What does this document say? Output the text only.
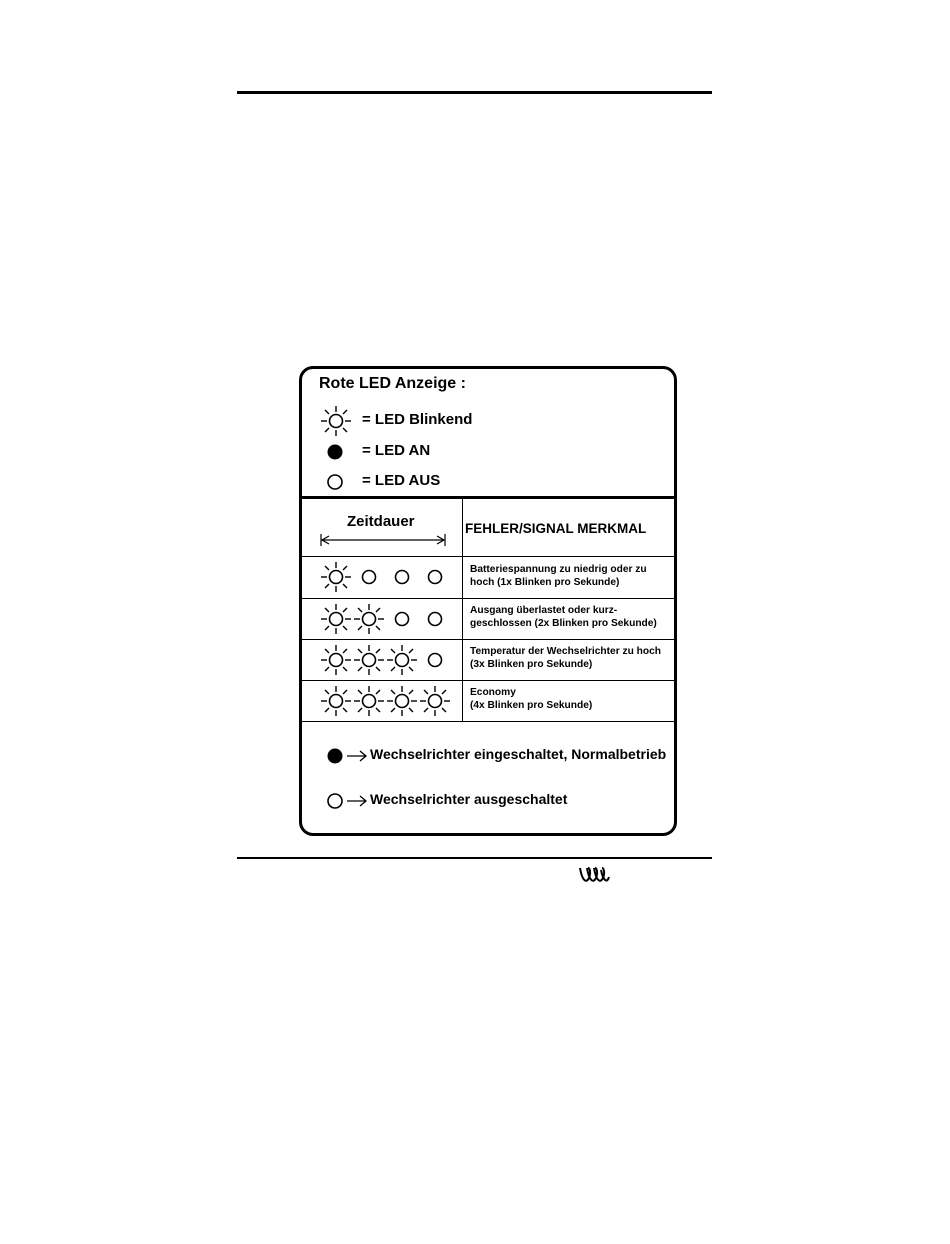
Rote LED Anzeige :
= LED Blinkend
= LED AN
= LED AUS
Zeitdauer	FEHLER/SIGNAL MERKMAL
Batteriespannung zu niedrig oder zu
hoch (1x Blinken pro Sekunde)
Ausgang überlastet oder kurz-
geschlossen (2x Blinken pro Sekunde)
Temperatur der Wechselrichter zu hoch
(3x Blinken pro Sekunde)
Economy
(4x Blinken pro Sekunde)
Wechselrichter eingeschaltet, Normalbetrieb
Wechselrichter ausgeschaltet
